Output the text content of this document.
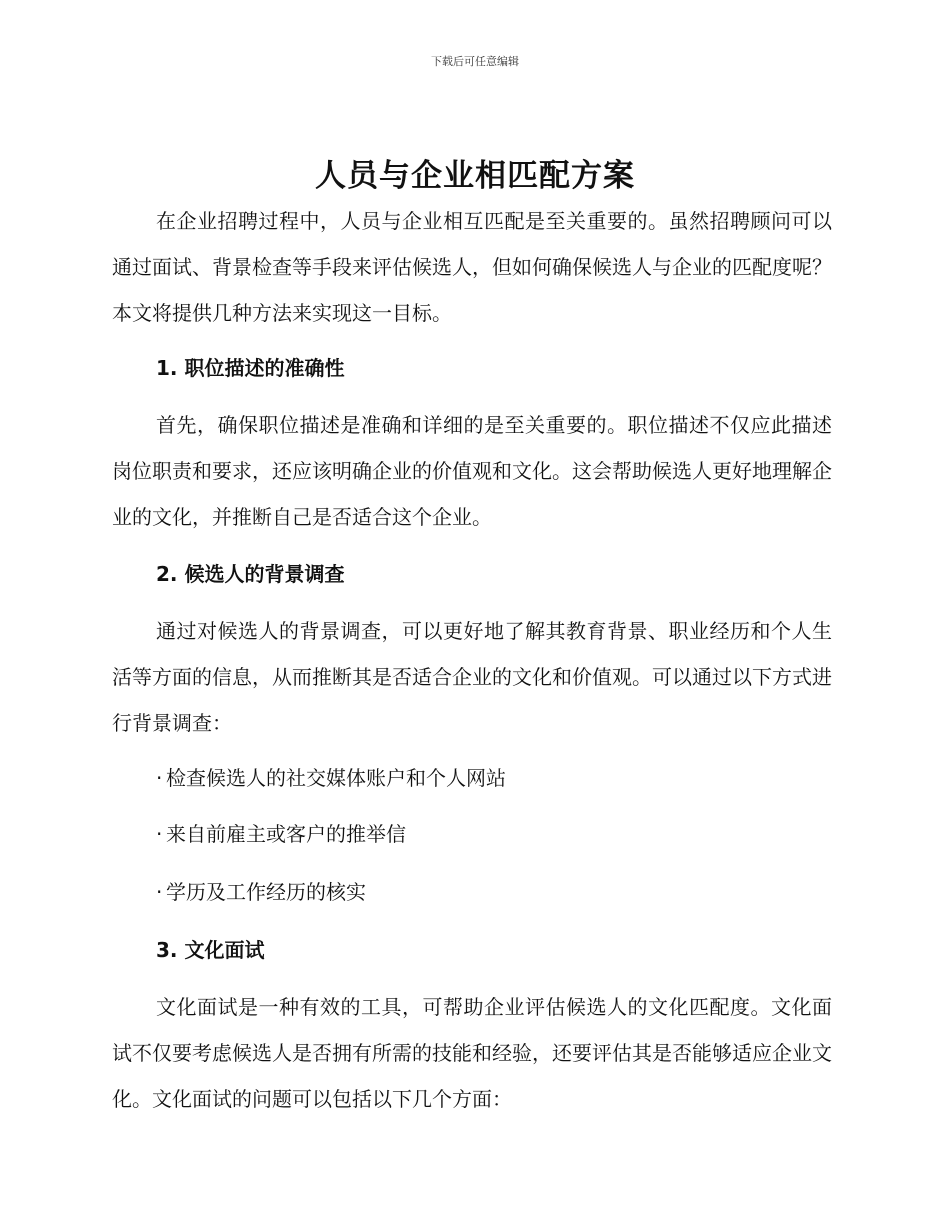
下载后可任意编辑
人员与企业相匹配方案

在企业招聘过程中，人员与企业相互匹配是至关重要的。虽然招聘顾问可以通过面试、背景检查等手段来评估候选人，但如何确保候选人与企业的匹配度呢？本文将提供几种方法来实现这一目标。

1. 职位描述的准确性

首先，确保职位描述是准确和详细的是至关重要的。职位描述不仅应此描述岗位职责和要求，还应该明确企业的价值观和文化。这会帮助候选人更好地理解企业的文化，并推断自己是否适合这个企业。

2. 候选人的背景调查

通过对候选人的背景调查，可以更好地了解其教育背景、职业经历和个人生活等方面的信息，从而推断其是否适合企业的文化和价值观。可以通过以下方式进行背景调查：

· 检查候选人的社交媒体账户和个人网站
· 来自前雇主或客户的推举信
· 学历及工作经历的核实
3. 文化面试

文化面试是一种有效的工具，可帮助企业评估候选人的文化匹配度。文化面试不仅要考虑候选人是否拥有所需的技能和经验，还要评估其是否能够适应企业文化。文化面试的问题可以包括以下几个方面：
